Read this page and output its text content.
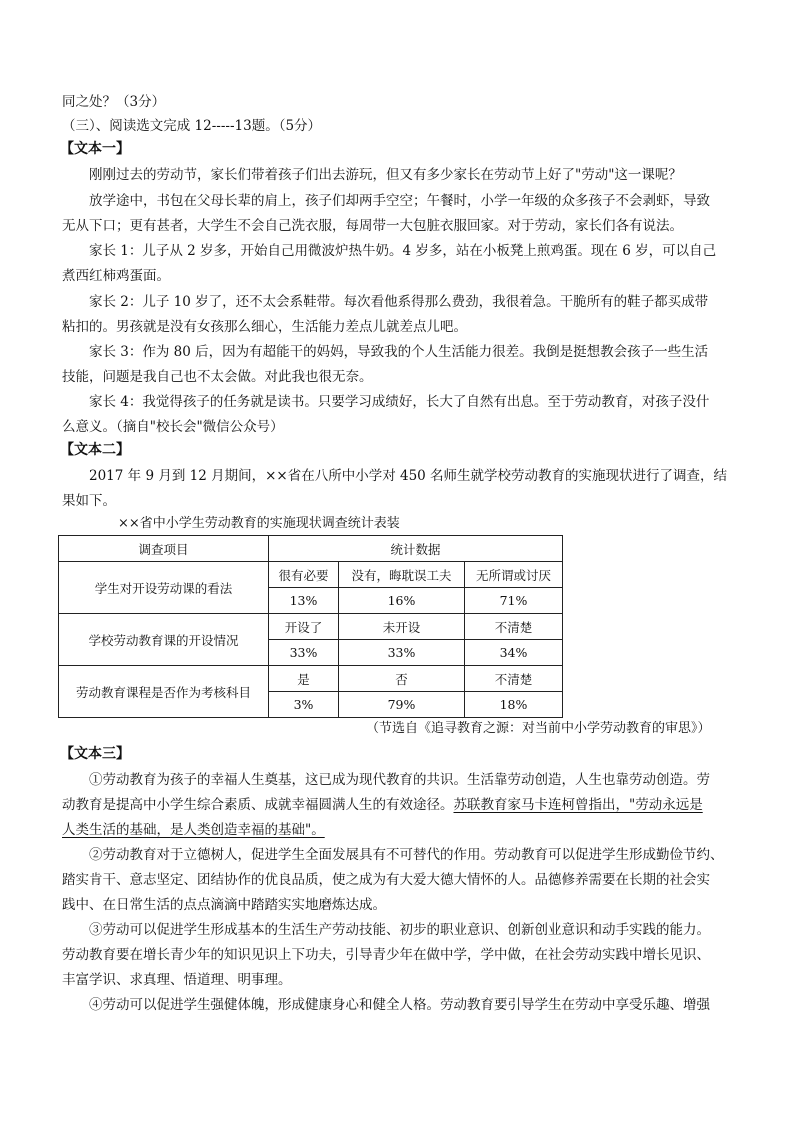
同之处？（3分）
（三）、阅读选文完成 12-----13题。（5分）
【文本一】
刚刚过去的劳动节，家长们带着孩子们出去游玩，但又有多少家长在劳动节上好了"劳动"这一课呢？
放学途中，书包在父母长辈的肩上，孩子们却两手空空；午餐时，小学一年级的众多孩子不会剥虾，导致
无从下口；更有甚者，大学生不会自己洗衣服，每周带一大包脏衣服回家。对于劳动，家长们各有说法。
家长 1：儿子从 2 岁多，开始自己用微波炉热牛奶。4 岁多，站在小板凳上煎鸡蛋。现在 6 岁，可以自己
煮西红柿鸡蛋面。
家长 2：儿子 10 岁了，还不太会系鞋带。每次看他系得那么费劲，我很着急。干脆所有的鞋子都买成带
粘扣的。男孩就是没有女孩那么细心，生活能力差点儿就差点儿吧。
家长 3：作为 80 后，因为有超能干的妈妈，导致我的个人生活能力很差。我倒是挺想教会孩子一些生活
技能，问题是我自己也不太会做。对此我也很无奈。
家长 4：我觉得孩子的任务就是读书。只要学习成绩好，长大了自然有出息。至于劳动教育，对孩子没什
么意义。（摘自"校长会"微信公众号）
【文本二】
2017 年 9 月到 12 月期间，××省在八所中小学对 450 名师生就学校劳动教育的实施现状进行了调查，结
果如下。
××省中小学生劳动教育的实施现状调查统计表装
调查项目	统计数据		
学生对开设劳动课的看法	很有必要	没有，晦耽误工夫	无所谓或讨厌
	13%	16%	71%
学校劳动教育课的开设情况	开设了	未开设	不清楚
	33%	33%	34%
劳动教育课程是否作为考核科目	是	否	不清楚
	3%	79%	18%
（节选自《追寻教育之源：对当前中小学劳动教育的审思》）
【文本三】
①劳动教育为孩子的幸福人生奠基，这已成为现代教育的共识。生活靠劳动创造，人生也靠劳动创造。劳
动教育是提高中小学生综合素质、成就幸福圆满人生的有效途径。苏联教育家马卡连柯曾指出，"劳动永远是
人类生活的基础，是人类创造幸福的基础"。
②劳动教育对于立德树人，促进学生全面发展具有不可替代的作用。劳动教育可以促进学生形成勤俭节约、
踏实肯干、意志坚定、团结协作的优良品质，使之成为有大爱大德大情怀的人。品德修养需要在长期的社会实
践中、在日常生活的点点滴滴中踏踏实实地磨炼达成。
③劳动可以促进学生形成基本的生活生产劳动技能、初步的职业意识、创新创业意识和动手实践的能力。
劳动教育要在增长青少年的知识见识上下功夫，引导青少年在做中学，学中做，在社会劳动实践中增长见识、
丰富学识、求真理、悟道理、明事理。
④劳动可以促进学生强健体魄，形成健康身心和健全人格。劳动教育要引导学生在劳动中享受乐趣、增强
